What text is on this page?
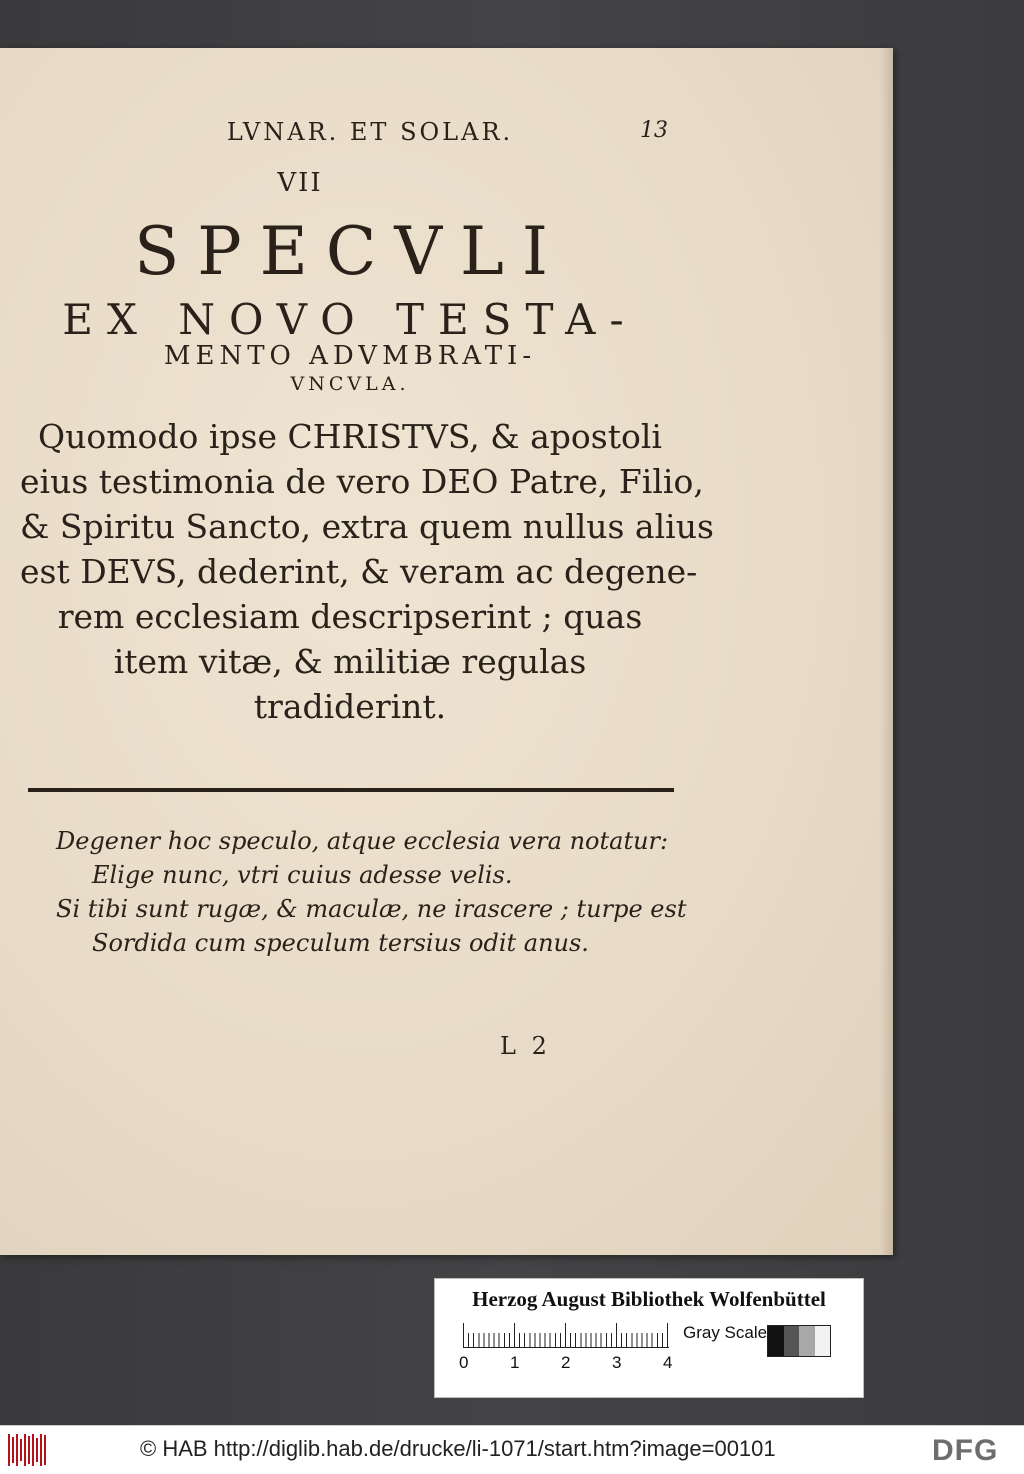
LVNAR. ET SOLAR.	13
VII
SPECVLI
EX NOVO TESTA-
MENTO ADVMBRATI-
VNCVLA.
Quomodo ipse CHRISTVS, & apostoli
eius testimonia de vero DEO Patre, Filio,
& Spiritu Sancto, extra quem nullus alius
est DEVS, dederint, & veram ac degene-
rem ecclesiam descripserint ; quas
item vitæ, & militiæ regulas
tradiderint.
Degener hoc speculo, atque ecclesia vera notatur:
Elige nunc, vtri cuius adesse velis.
Si tibi sunt rugæ, & maculæ, ne irascere ; turpe est
Sordida cum speculum tersius odit anus.
L 2
Herzog August Bibliothek Wolfenbüttel
0 1 2 3 4
Gray Scale
© HAB http://diglib.hab.de/drucke/li-1071/start.htm?image=00101	DFG
